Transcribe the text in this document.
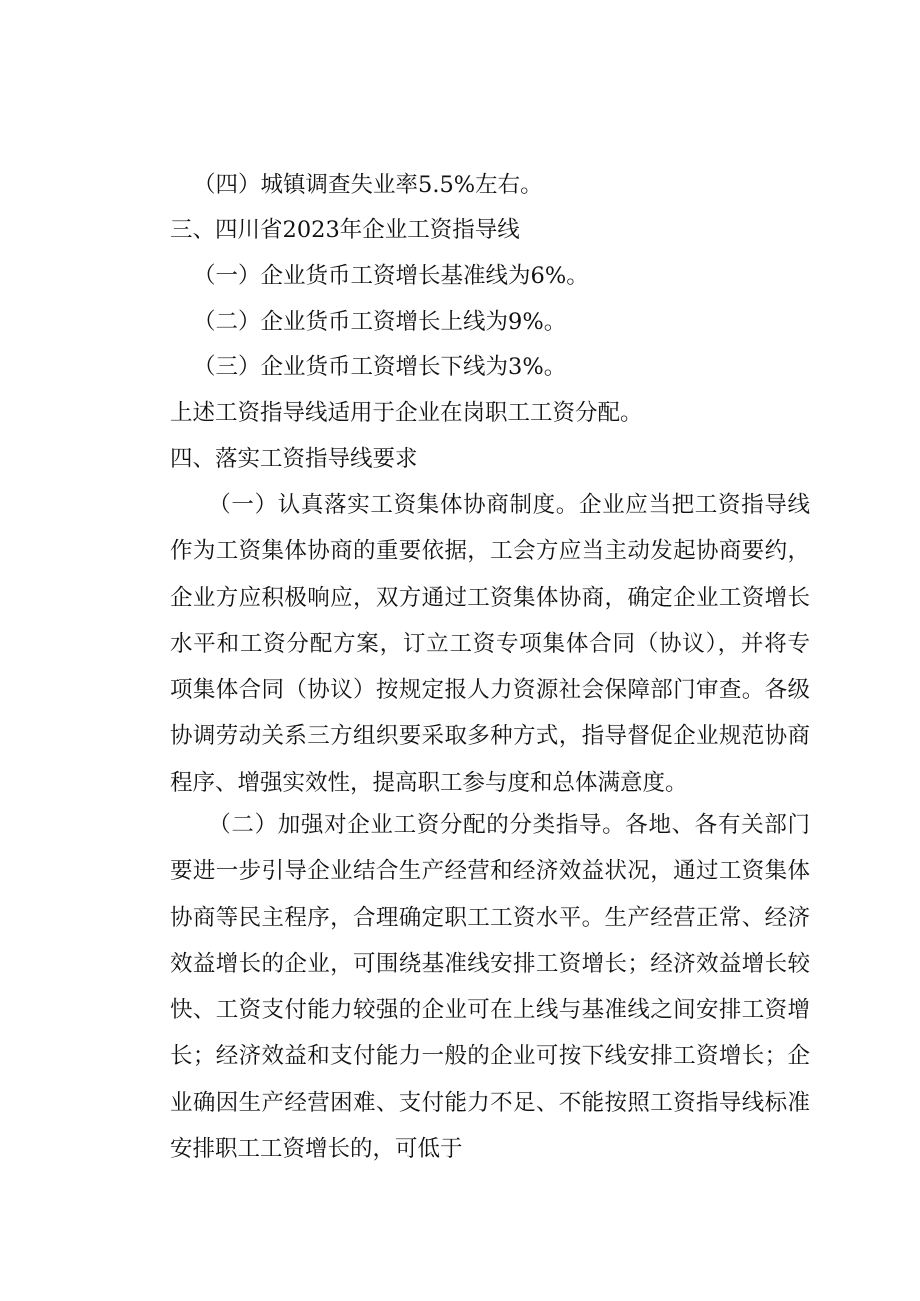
（四）城镇调查失业率5.5%左右。
三、四川省2023年企业工资指导线
（一）企业货币工资增长基准线为6%。
（二）企业货币工资增长上线为9%。
（三）企业货币工资增长下线为3%。
上述工资指导线适用于企业在岗职工工资分配。
四、落实工资指导线要求

（一）认真落实工资集体协商制度。企业应当把工资指导线作为工资集体协商的重要依据，工会方应当主动发起协商要约，企业方应积极响应，双方通过工资集体协商，确定企业工资增长水平和工资分配方案，订立工资专项集体合同（协议），并将专项集体合同（协议）按规定报人力资源社会保障部门审查。各级协调劳动关系三方组织要采取多种方式，指导督促企业规范协商程序、增强实效性，提高职工参与度和总体满意度。

（二）加强对企业工资分配的分类指导。各地、各有关部门要进一步引导企业结合生产经营和经济效益状况，通过工资集体协商等民主程序，合理确定职工工资水平。生产经营正常、经济效益增长的企业，可围绕基准线安排工资增长；经济效益增长较快、工资支付能力较强的企业可在上线与基准线之间安排工资增长；经济效益和支付能力一般的企业可按下线安排工资增长；企业确因生产经营困难、支付能力不足、不能按照工资指导线标准安排职工工资增长的，可低于
